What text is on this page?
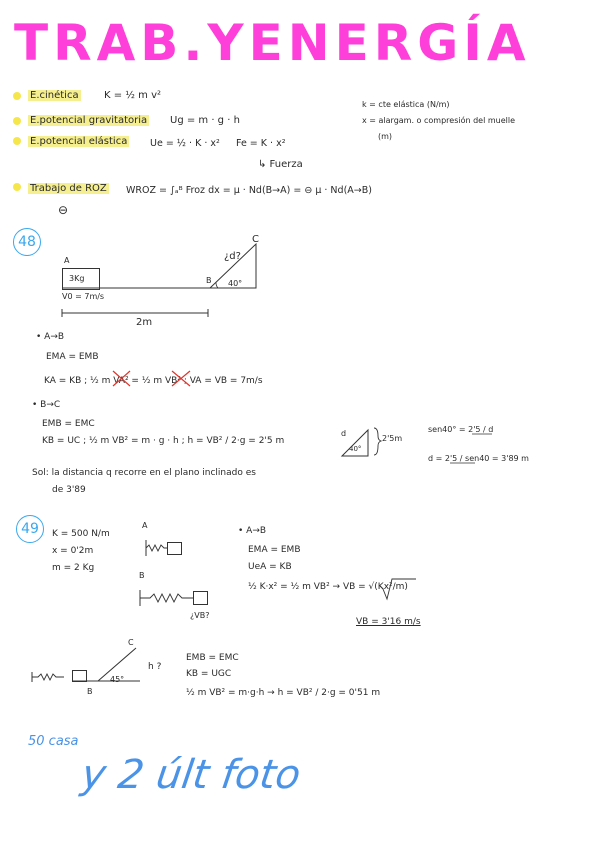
TRAB.YENERGÍA
E.cinética	K = ½ m v²
E.potencial gravitatoria Ug = m · g · h
E.potencial elástica Ue = ½ · K · x² Fe = K · x²
↳ Fuerza
k = cte elástica (N/m)
x = alargam. o compresión del muelle
(m)
Trabajo de ROZ WROZ = ∫ₐᴮ Froz dx = μ · Nd(B→A) = ⊖ μ · Nd(A→B)
⊖
48
A
3Kg
V0 = 7m/s
B
C
¿d?
40°
2m
• A→B
EMA = EMB
KA = KB ; ½ m VA² = ½ m VB² ; VA = VB = 7m/s
• B→C
EMB = EMC
KB = UC ; ½ m VB² = m · g · h ; h = VB² / 2·g = 2'5 m
d
40°
2'5m
sen40° = 2'5 / d
d = 2'5 / sen40 = 3'89 m
Sol: la distancia q recorre en el plano inclinado es
de 3'89
49	K = 500 N/m
x = 0'2m
m = 2 Kg
A
B
¿VB?
• A→B
EMA = EMB
UeA = KB
½ K·x² = ½ m VB² → VB = √(Kx²/m)
VB = 3'16 m/s
C
B
45°
h ?
EMB = EMC
KB = UGC
½ m VB² = m·g·h → h = VB² / 2·g = 0'51 m
50 casa
y 2 últ foto
